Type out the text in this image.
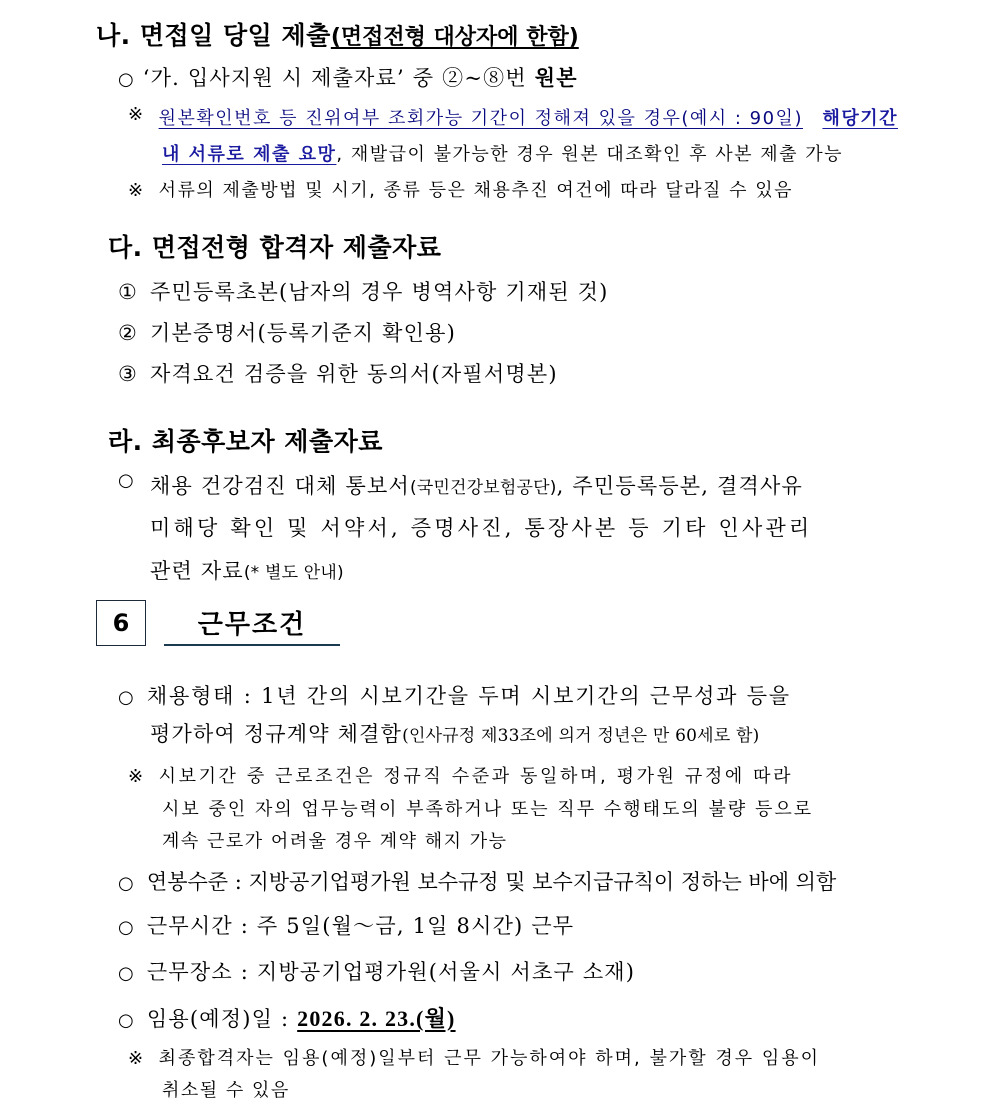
나. 면접일 당일 제출(면접전형 대상자에 한함)
○ ‘가. 입사지원 시 제출자료’ 중 ②~⑧번 원본
※ 원본확인번호 등 진위여부 조회가능 기간이 정해져 있을 경우(예시 : 90일) 해당기간
내 서류로 제출 요망, 재발급이 불가능한 경우 원본 대조확인 후 사본 제출 가능
※ 서류의 제출방법 및 시기, 종류 등은 채용추진 여건에 따라 달라질 수 있음
다. 면접전형 합격자 제출자료
① 주민등록초본(남자의 경우 병역사항 기재된 것)
② 기본증명서(등록기준지 확인용)
③ 자격요건 검증을 위한 동의서(자필서명본)
라. 최종후보자 제출자료
○ 채용 건강검진 대체 통보서(국민건강보험공단), 주민등록등본, 결격사유
미해당 확인 및 서약서, 증명사진, 통장사본 등 기타 인사관리
관련 자료(* 별도 안내)
6	근무조건
○ 채용형태 : 1년 간의 시보기간을 두며 시보기간의 근무성과 등을
평가하여 정규계약 체결함(인사규정 제33조에 의거 정년은 만 60세로 함)
※ 시보기간 중 근로조건은 정규직 수준과 동일하며, 평가원 규정에 따라
시보 중인 자의 업무능력이 부족하거나 또는 직무 수행태도의 불량 등으로
계속 근로가 어려울 경우 계약 해지 가능
○ 연봉수준 : 지방공기업평가원 보수규정 및 보수지급규칙이 정하는 바에 의함
○ 근무시간 : 주 5일(월～금, 1일 8시간) 근무
○ 근무장소 : 지방공기업평가원(서울시 서초구 소재)
○ 임용(예정)일 : 2026. 2. 23.(월)
※ 최종합격자는 임용(예정)일부터 근무 가능하여야 하며, 불가할 경우 임용이
취소될 수 있음
